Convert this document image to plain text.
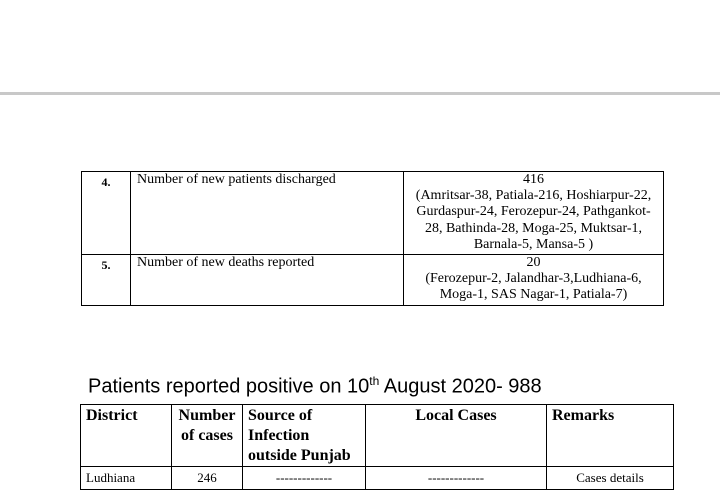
4.	Number of new patients discharged	416
(Amritsar-38, Patiala-216, Hoshiarpur-22, Gurdaspur-24, Ferozepur-24, Pathgankot-28, Bathinda-28, Moga-25, Muktsar-1, Barnala-5, Mansa-5 )

5.	Number of new deaths reported	20
(Ferozepur-2, Jalandhar-3,Ludhiana-6, Moga-1, SAS Nagar-1, Patiala-7)
Patients reported positive on 10th August 2020- 988
District	Number of cases	Source of Infection outside Punjab	Local Cases	Remarks
Ludhiana	246	-------------	-------------	Cases details
